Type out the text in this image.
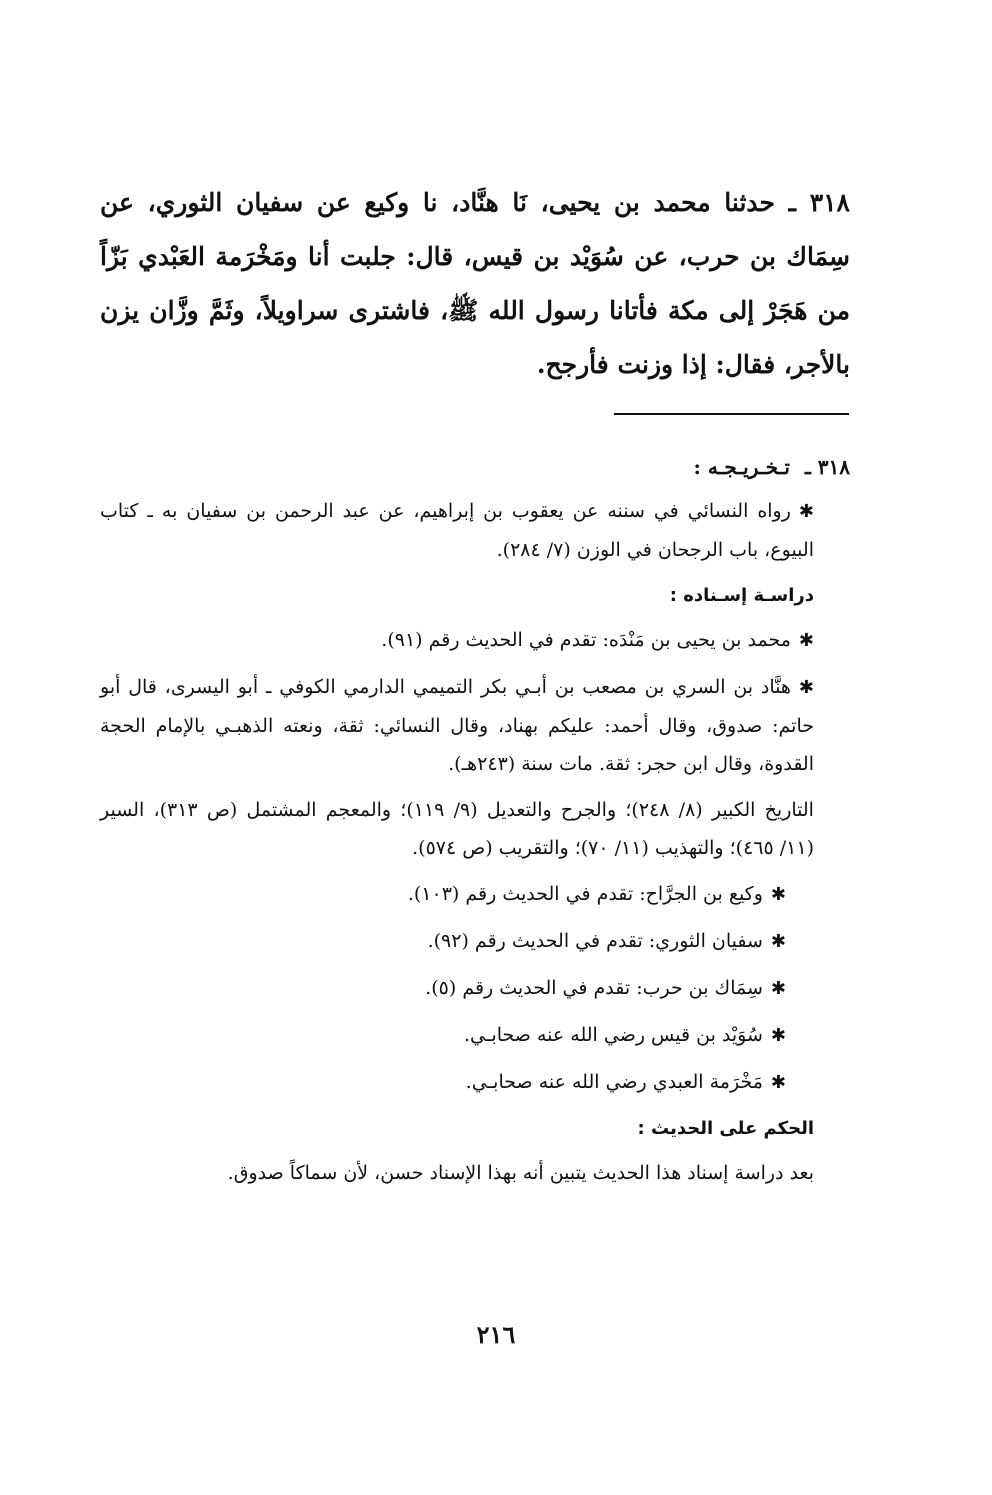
٣١٨ ـ حدثنا محمد بن يحيى، نَا هنَّاد، نا وكيع عن سفيان الثوري، عن سِمَاك بن حرب، عن سُوَيْد بن قيس، قال: جلبت أنا ومَخْرَمة العَبْدي بَزّاً من هَجَرْ إلى مكة فأتانا رسول الله ﷺ، فاشترى سراويلاً، وثَمَّ وزَّان يزن بالأجر، فقال: إذا وزنت فأرجح.
٣١٨ ـ تـخـريـجـه :

✱رواه النسائي في سننه عن يعقوب بن إبراهيم، عن عبد الرحمن بن سفيان به ـ كتاب البيوع، باب الرجحان في الوزن (٧/ ٢٨٤).

دراسـة إسـناده :

✱محمد بن يحيى بن مَنْدَه: تقدم في الحديث رقم (٩١).

✱هنَّاد بن السري بن مصعب بن أبـي بكر التميمي الدارمي الكوفي ـ أبو اليسرى، قال أبو حاتم: صدوق، وقال أحمد: عليكم بهناد، وقال النسائي: ثقة، ونعته الذهبـي بالإمام الحجة القدوة، وقال ابن حجر: ثقة. مات سنة (٢٤٣هـ).

التاريخ الكبير (٨/ ٢٤٨)؛ والجرح والتعديل (٩/ ١١٩)؛ والمعجم المشتمل (ص ٣١٣)، السير (١١/ ٤٦٥)؛ والتهذيب (١١/ ٧٠)؛ والتقريب (ص ٥٧٤).

✱وكيع بن الجرَّاح: تقدم في الحديث رقم (١٠٣).

✱سفيان الثوري: تقدم في الحديث رقم (٩٢).

✱سِمَاك بن حرب: تقدم في الحديث رقم (٥).

✱سُوَيْد بن قيس رضي الله عنه صحابـي.

✱مَخْرَمة العبدي رضي الله عنه صحابـي.

الحكم على الحديث :

بعد دراسة إسناد هذا الحديث يتبين أنه بهذا الإسناد حسن، لأن سماكاً صدوق.

٢١٦
